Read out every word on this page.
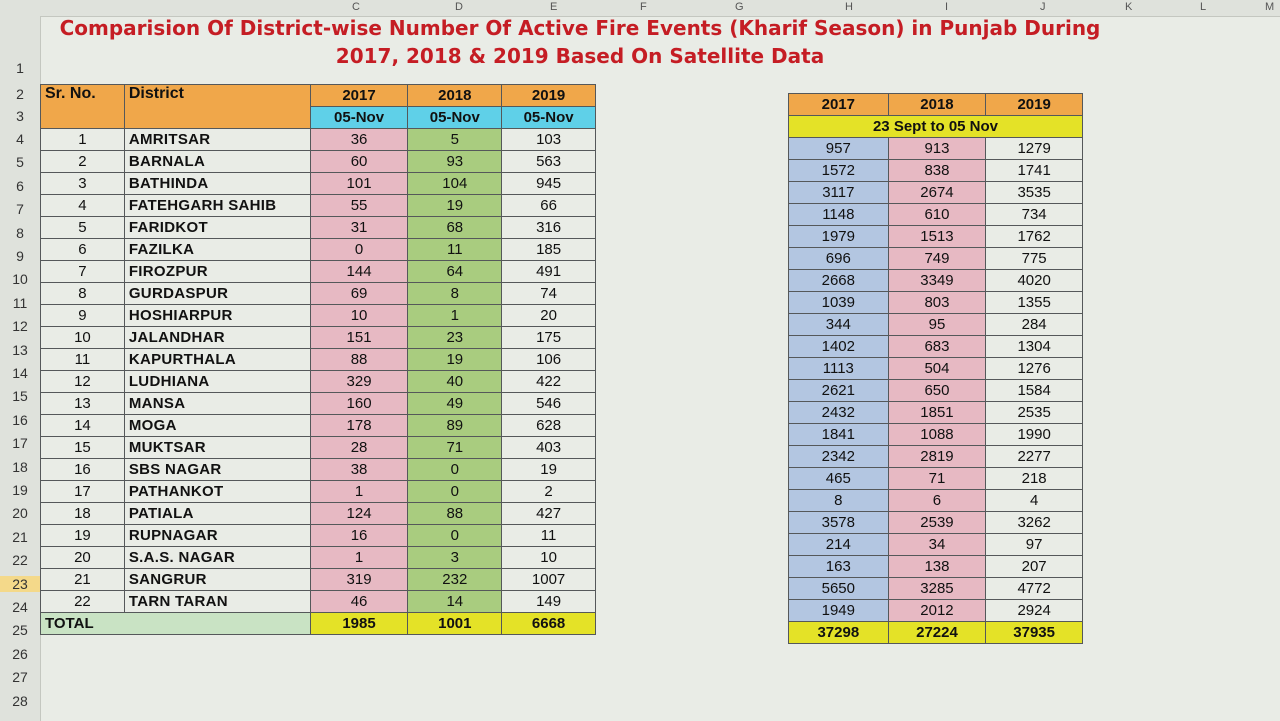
C	D	E	F	G	H	I	J	K	L	M
1
2
3
4
5
6
7
8
9
10
11
12
13
14
15
16
17
18
19
20
21
22
23
24
25
26
27
28
Comparision Of District-wise Number Of Active Fire Events (Kharif Season) in Punjab During 2017, 2018 & 2019 Based On Satellite Data
Sr. No.	District	2017	2018	2019
		05-Nov	05-Nov	05-Nov
1	AMRITSAR	36	5	103
2	BARNALA	60	93	563
3	BATHINDA	101	104	945
4	FATEHGARH SAHIB	55	19	66
5	FARIDKOT	31	68	316
6	FAZILKA	0	11	185
7	FIROZPUR	144	64	491
8	GURDASPUR	69	8	74
9	HOSHIARPUR	10	1	20
10	JALANDHAR	151	23	175
11	KAPURTHALA	88	19	106
12	LUDHIANA	329	40	422
13	MANSA	160	49	546
14	MOGA	178	89	628
15	MUKTSAR	28	71	403
16	SBS NAGAR	38	0	19
17	PATHANKOT	1	0	2
18	PATIALA	124	88	427
19	RUPNAGAR	16	0	11
20	S.A.S. NAGAR	1	3	10
21	SANGRUR	319	232	1007
22	TARN TARAN	46	14	149
TOTAL		1985	1001	6668
2017	2018	2019
23 Sept to 05 Nov		
957	913	1279
1572	838	1741
3117	2674	3535
1148	610	734
1979	1513	1762
696	749	775
2668	3349	4020
1039	803	1355
344	95	284
1402	683	1304
1113	504	1276
2621	650	1584
2432	1851	2535
1841	1088	1990
2342	2819	2277
465	71	218
8	6	4
3578	2539	3262
214	34	97
163	138	207
5650	3285	4772
1949	2012	2924
37298	27224	37935
